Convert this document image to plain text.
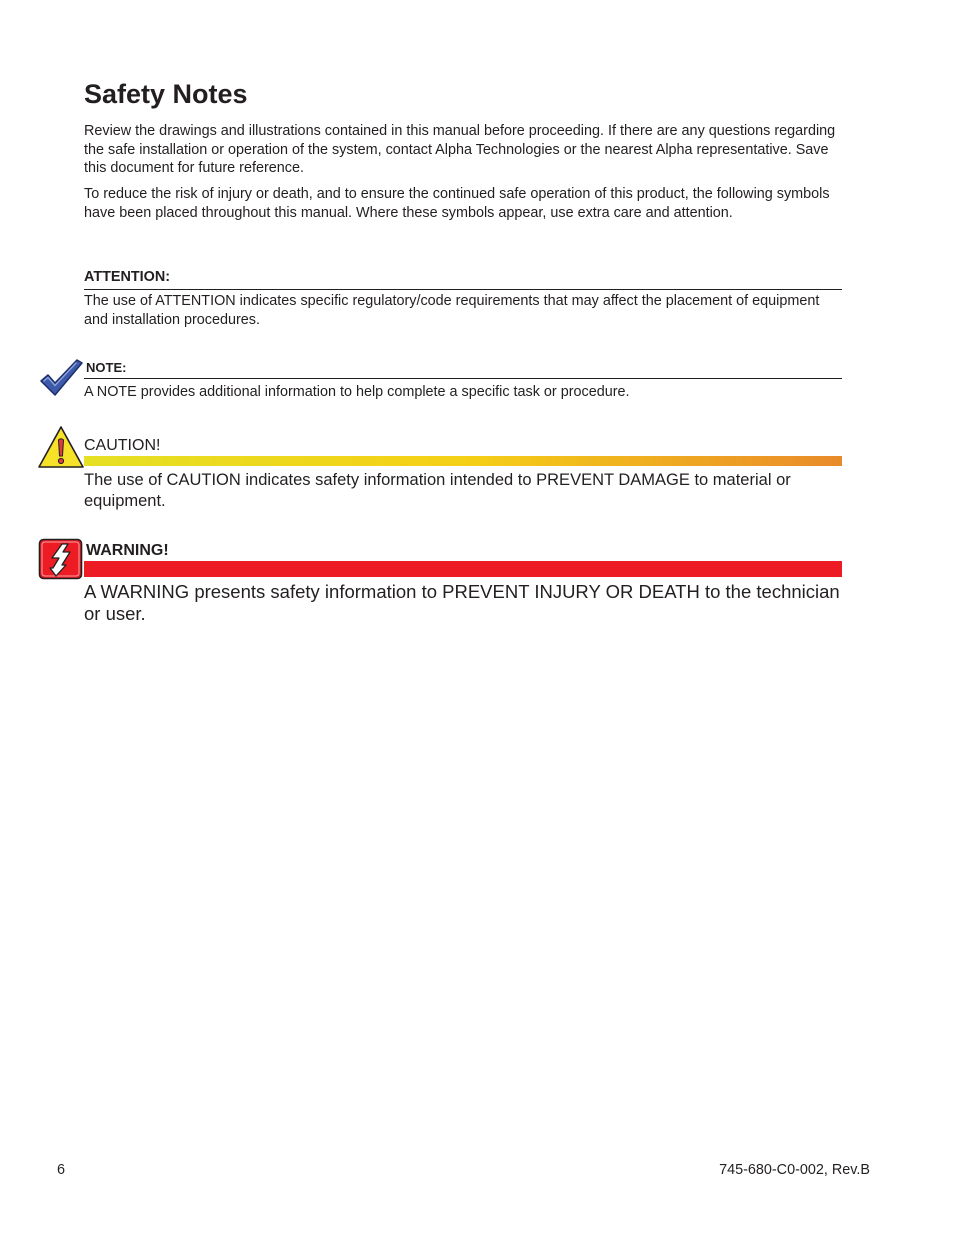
Safety Notes

Review the drawings and illustrations contained in this manual before proceeding. If there are any questions regarding the safe installation or operation of the system, contact Alpha Technologies or the nearest Alpha representative. Save this document for future reference.

To reduce the risk of injury or death, and to ensure the continued safe operation of this product, the following symbols have been placed throughout this manual. Where these symbols appear, use extra care and attention.

ATTENTION:

The use of ATTENTION indicates specific regulatory/code requirements that may affect the placement of equipment and installation procedures.

NOTE:

A NOTE provides additional information to help complete a specific task or procedure.

CAUTION!

The use of CAUTION indicates safety information intended to PREVENT DAMAGE to material or equipment.

WARNING!

A WARNING presents safety information to PREVENT INJURY OR DEATH to the technician or user.

6	745-680-C0-002, Rev.B
